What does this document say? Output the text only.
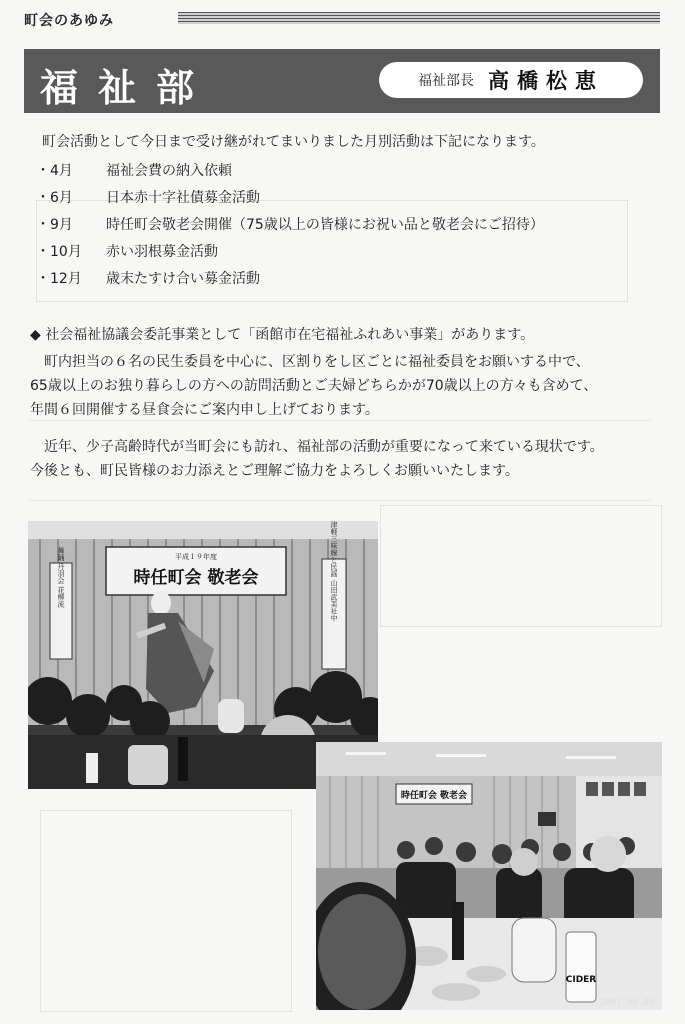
町会のあゆみ
福祉部	福祉部長 高橋松恵
町会活動として今日まで受け継がれてまいりました月別活動は下記になります。
・4月	福祉会費の納入依頼
・6月	日本赤十字社債募金活動
・9月	時任町会敬老会開催（75歳以上の皆様にお祝い品と敬老会にご招待）
・10月	赤い羽根募金活動
・12月	歳末たすけ合い募金活動
◆ 社会福祉協議会委託事業として「函館市在宅福祉ふれあい事業」があります。
　町内担当の６名の民生委員を中心に、区割りをし区ごとに福祉委員をお願いする中で、
65歳以上のお独り暮らしの方への訪問活動とご夫婦どちらかが70歳以上の方々も含めて、
年間６回開催する昼食会にご案内申し上げております。
　近年、少子高齢時代が当町会にも訪れ、福祉部の活動が重要になって来ている現状です。
今後とも、町民皆様のお力添えとご理解ご協力をよろしくお願いいたします。
平成１９年度
時任町会 敬老会
舞踊 丹羽会 花柳流	津軽三味線と民謡 山田武美社中
時任町会 敬老会
CIDER
2007.09.09
